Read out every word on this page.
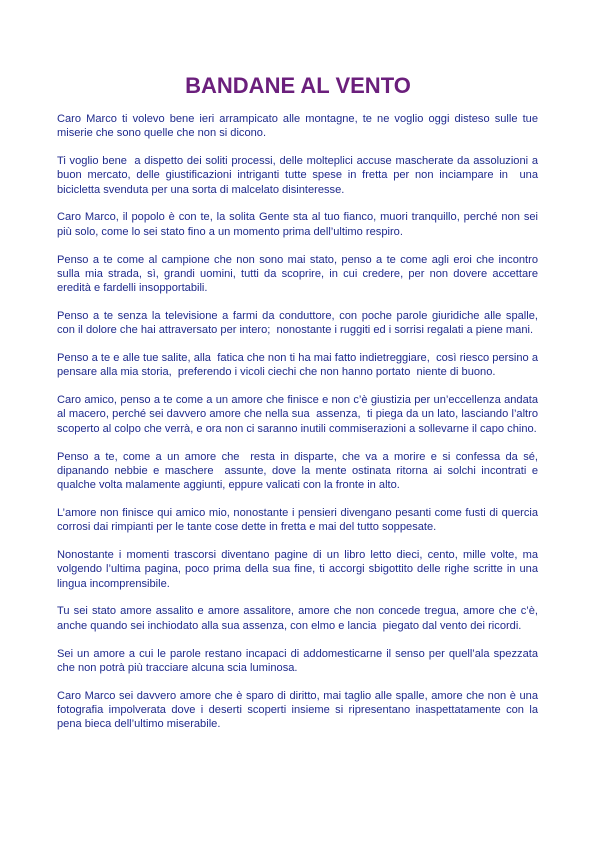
BANDANE AL VENTO

Caro Marco ti volevo bene ieri arrampicato alle montagne, te ne voglio oggi disteso sulle tue miserie che sono quelle che non si dicono.

Ti voglio bene  a dispetto dei soliti processi, delle molteplici accuse mascherate da assoluzioni a buon mercato, delle giustificazioni intriganti tutte spese in fretta per non inciampare in  una bicicletta svenduta per una sorta di malcelato disinteresse.

Caro Marco, il popolo è con te, la solita Gente sta al tuo fianco, muori tranquillo, perché non sei più solo, come lo sei stato fino a un momento prima dell’ultimo respiro.

Penso a te come al campione che non sono mai stato, penso a te come agli eroi che incontro sulla mia strada, sì, grandi uomini, tutti da scoprire, in cui credere, per non dovere accettare  eredità e fardelli insopportabili.

Penso a te senza la televisione a farmi da conduttore, con poche parole giuridiche alle spalle,  con il dolore che hai attraversato per intero;  nonostante i ruggiti ed i sorrisi regalati a piene mani.

Penso a te e alle tue salite, alla  fatica che non ti ha mai fatto indietreggiare,  così riesco persino a pensare alla mia storia,  preferendo i vicoli ciechi che non hanno portato  niente di buono.

Caro amico, penso a te come a un amore che finisce e non c’è giustizia per un’eccellenza andata al macero, perché sei davvero amore che nella sua  assenza,  ti piega da un lato, lasciando l’altro scoperto al colpo che verrà, e ora non ci saranno inutili commiserazioni a sollevarne il capo chino.

Penso a te, come a un amore che  resta in disparte, che va a morire e si confessa da sé, dipanando nebbie e maschere  assunte, dove la mente ostinata ritorna ai solchi incontrati e qualche volta malamente aggiunti, eppure valicati con la fronte in alto.

L’amore non finisce qui amico mio, nonostante i pensieri divengano pesanti come fusti di quercia corrosi dai rimpianti per le tante cose dette in fretta e mai del tutto soppesate.

Nonostante i momenti trascorsi diventano pagine di un libro letto dieci, cento, mille volte, ma volgendo l’ultima pagina, poco prima della sua fine, ti accorgi sbigottito delle righe scritte in una lingua incomprensibile.

Tu sei stato amore assalito e amore assalitore, amore che non concede tregua, amore che c’è, anche quando sei inchiodato alla sua assenza, con elmo e lancia  piegato dal vento dei ricordi.

Sei un amore a cui le parole restano incapaci di addomesticarne il senso per quell’ala spezzata che non potrà più tracciare alcuna scia luminosa.

Caro Marco sei davvero amore che è sparo di diritto, mai taglio alle spalle, amore che non è una fotografia impolverata dove i deserti scoperti insieme si ripresentano inaspettatamente con la pena bieca dell’ultimo miserabile.
